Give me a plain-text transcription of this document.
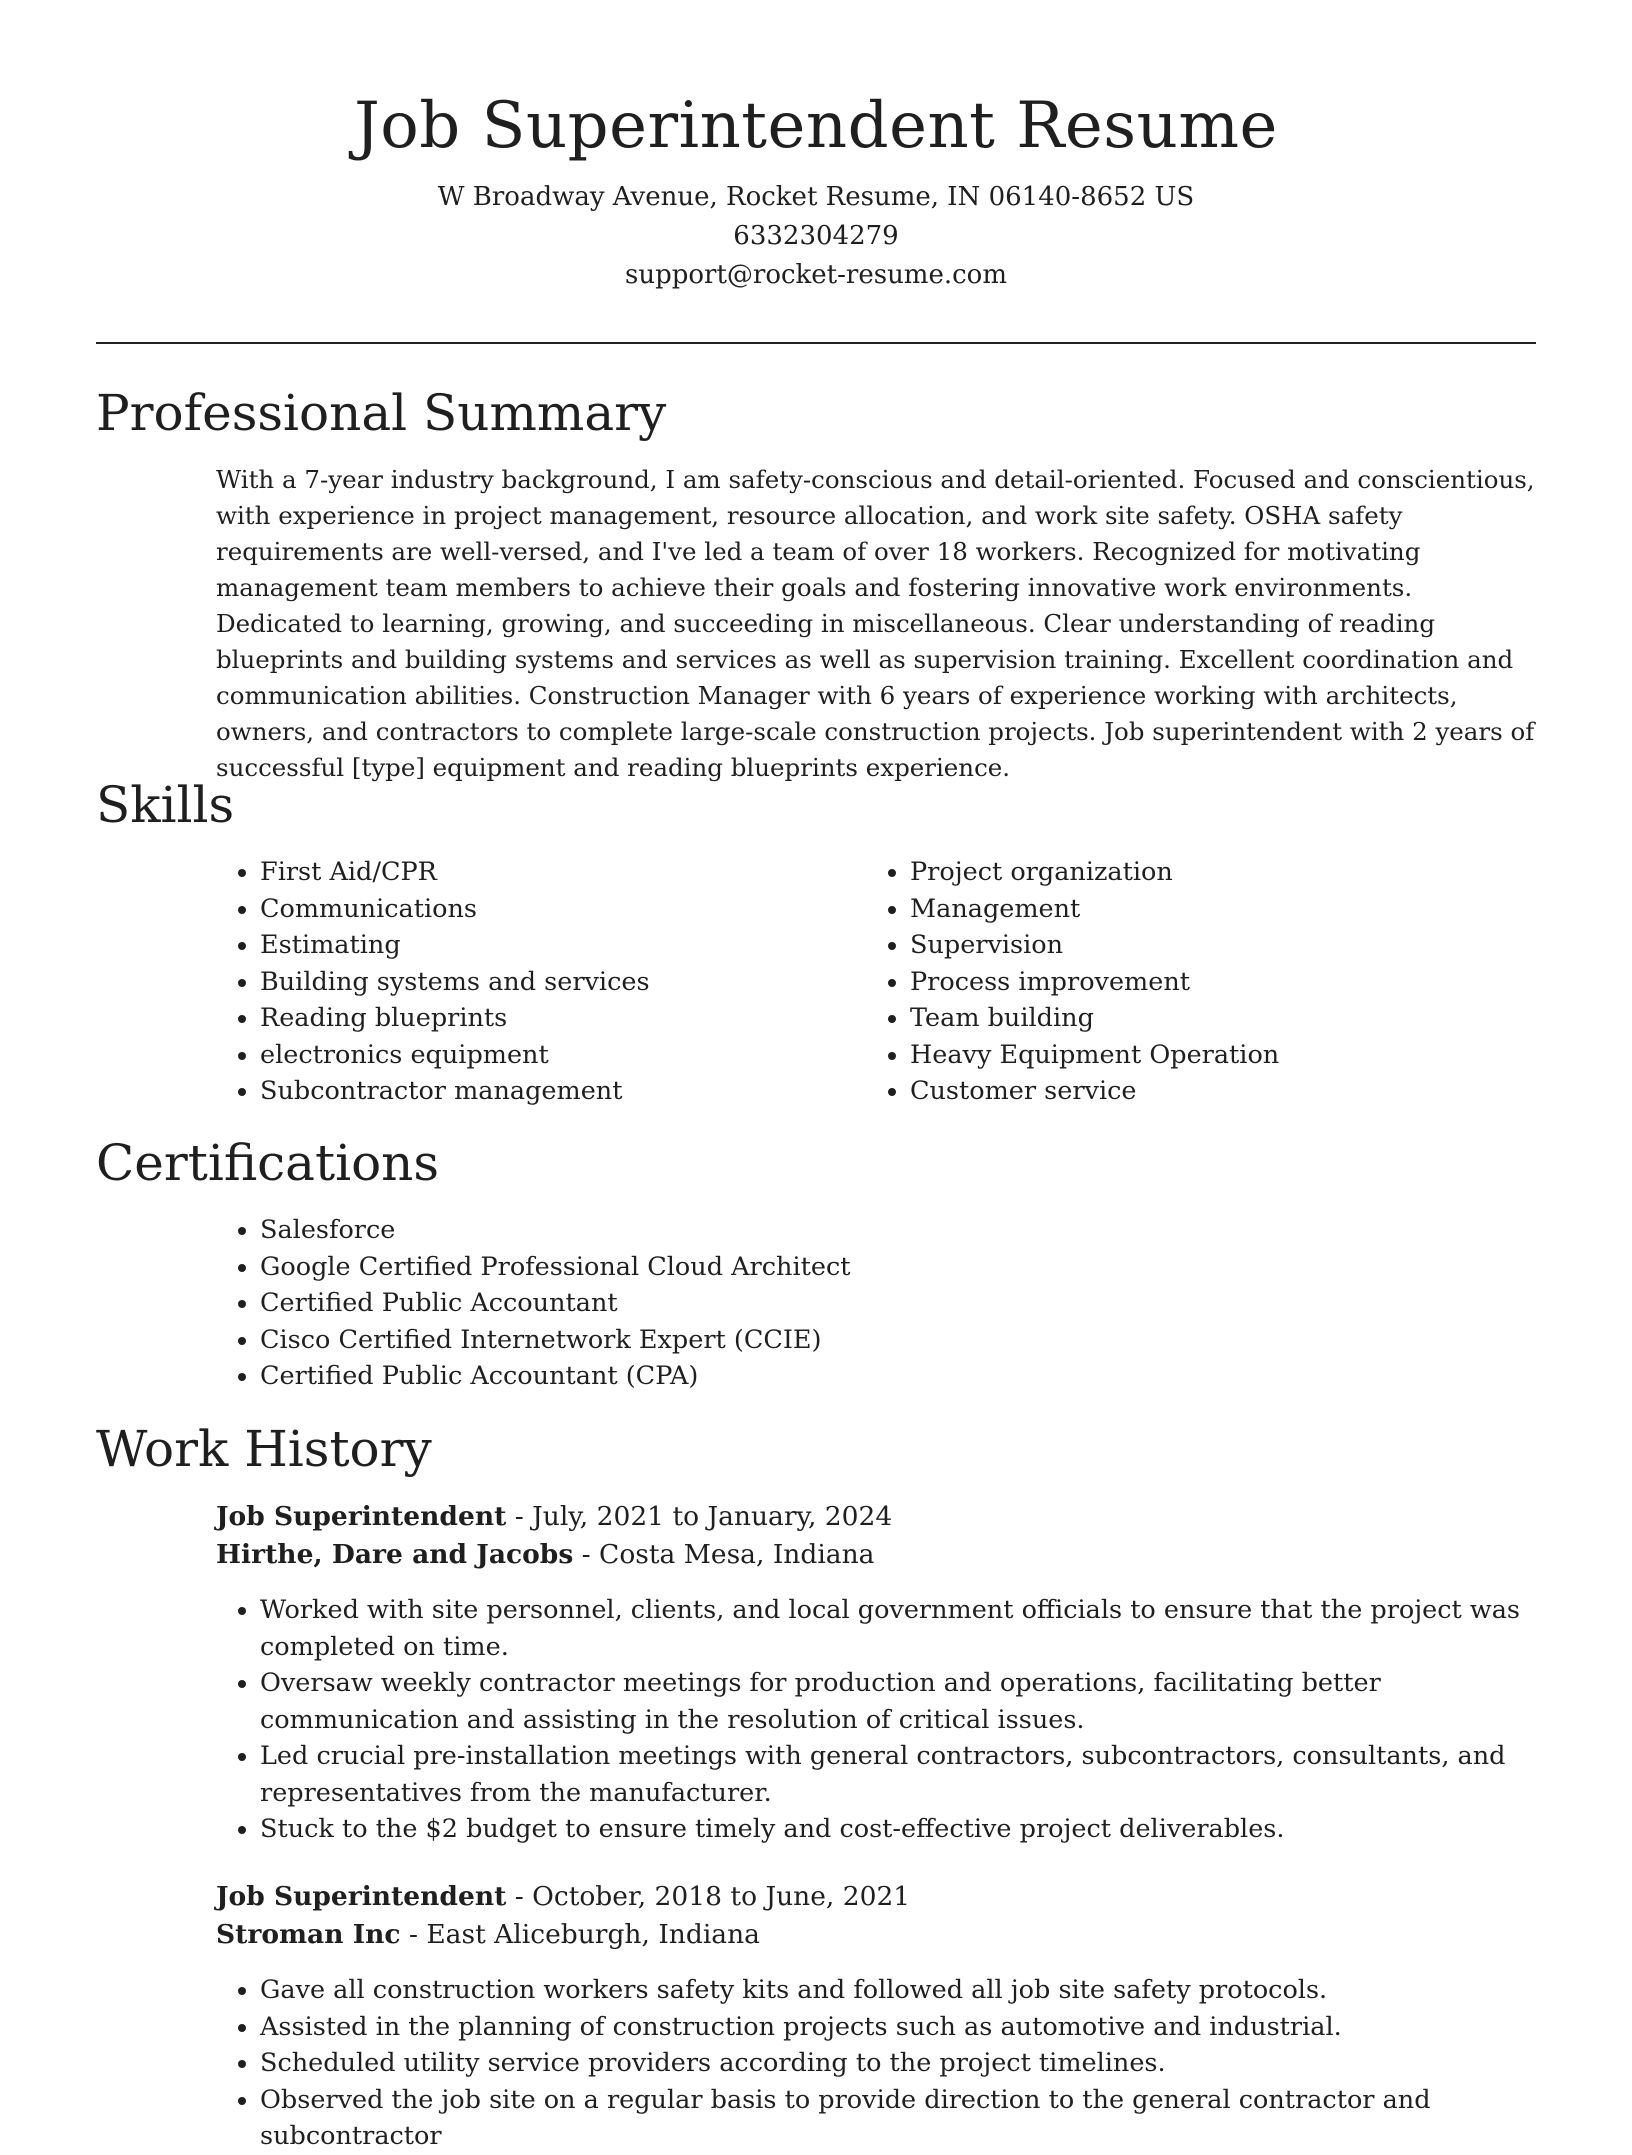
Job Superintendent Resume
W Broadway Avenue, Rocket Resume, IN 06140-8652 US
6332304279
support@rocket-resume.com
Professional Summary

With a 7-year industry background, I am safety-conscious and detail-oriented. Focused and conscientious, with experience in project management, resource allocation, and work site safety. OSHA safety requirements are well-versed, and I've led a team of over 18 workers. Recognized for motivating management team members to achieve their goals and fostering innovative work environments. Dedicated to learning, growing, and succeeding in miscellaneous. Clear understanding of reading blueprints and building systems and services as well as supervision training. Excellent coordination and communication abilities. Construction Manager with 6 years of experience working with architects, owners, and contractors to complete large-scale construction projects. Job superintendent with 2 years of successful [type] equipment and reading blueprints experience.

Skills
• First Aid/CPR
• Communications
• Estimating
• Building systems and services
• Reading blueprints
• electronics equipment
• Subcontractor management
• Project organization
• Management
• Supervision
• Process improvement
• Team building
• Heavy Equipment Operation
• Customer service
Certifications
• Salesforce
• Google Certified Professional Cloud Architect
• Certified Public Accountant
• Cisco Certified Internetwork Expert (CCIE)
• Certified Public Accountant (CPA)
Work History
Job Superintendent - July, 2021 to January, 2024
Hirthe, Dare and Jacobs - Costa Mesa, Indiana
• Worked with site personnel, clients, and local government officials to ensure that the project was completed on time.
• Oversaw weekly contractor meetings for production and operations, facilitating better communication and assisting in the resolution of critical issues.
• Led crucial pre-installation meetings with general contractors, subcontractors, consultants, and representatives from the manufacturer.
• Stuck to the $2 budget to ensure timely and cost-effective project deliverables.
Job Superintendent - October, 2018 to June, 2021
Stroman Inc - East Aliceburgh, Indiana
• Gave all construction workers safety kits and followed all job site safety protocols.
• Assisted in the planning of construction projects such as automotive and industrial.
• Scheduled utility service providers according to the project timelines.
• Observed the job site on a regular basis to provide direction to the general contractor and subcontractor
